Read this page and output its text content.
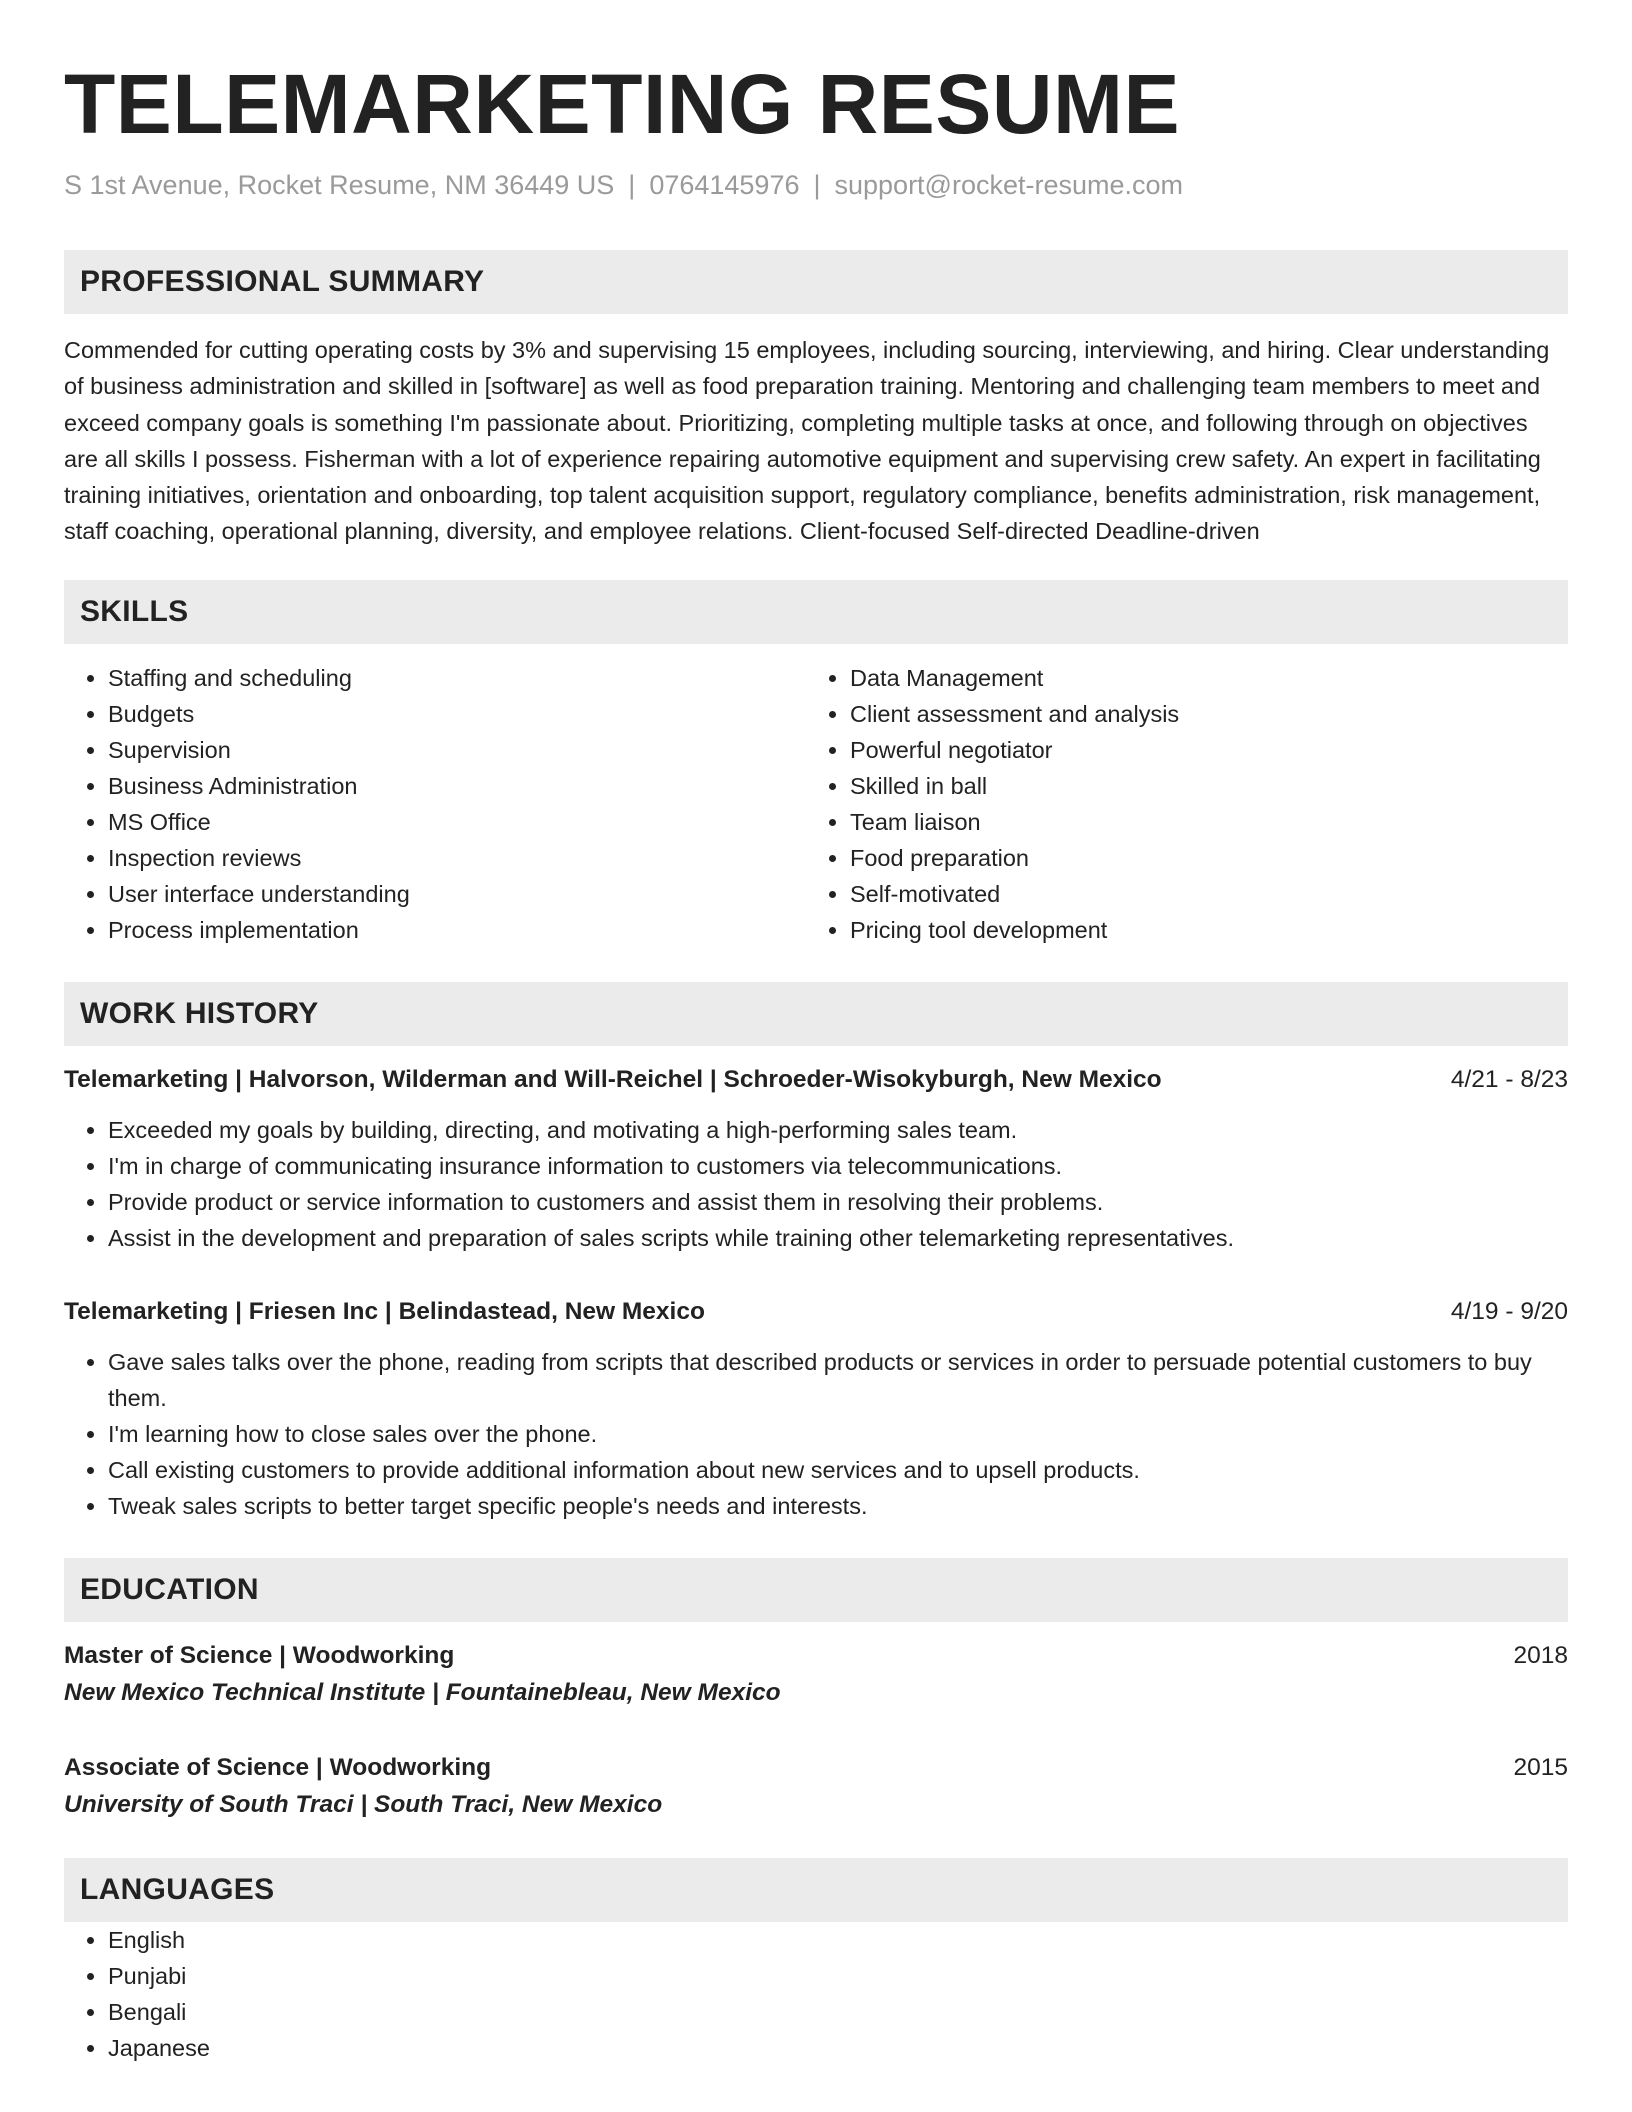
TELEMARKETING RESUME
S 1st Avenue, Rocket Resume, NM 36449 US | 0764145976 | support@rocket-resume.com
PROFESSIONAL SUMMARY

Commended for cutting operating costs by 3% and supervising 15 employees, including sourcing, interviewing, and hiring. Clear understanding of business administration and skilled in [software] as well as food preparation training. Mentoring and challenging team members to meet and exceed company goals is something I'm passionate about. Prioritizing, completing multiple tasks at once, and following through on objectives are all skills I possess. Fisherman with a lot of experience repairing automotive equipment and supervising crew safety. An expert in facilitating training initiatives, orientation and onboarding, top talent acquisition support, regulatory compliance, benefits administration, risk management, staff coaching, operational planning, diversity, and employee relations. Client-focused Self-directed Deadline-driven

SKILLS
• Staffing and scheduling
• Budgets
• Supervision
• Business Administration
• MS Office
• Inspection reviews
• User interface understanding
• Process implementation
• Data Management
• Client assessment and analysis
• Powerful negotiator
• Skilled in ball
• Team liaison
• Food preparation
• Self-motivated
• Pricing tool development
WORK HISTORY
Telemarketing | Halvorson, Wilderman and Will-Reichel | Schroeder-Wisokyburgh, New Mexico	4/21 - 8/23
• Exceeded my goals by building, directing, and motivating a high-performing sales team.
• I'm in charge of communicating insurance information to customers via telecommunications.
• Provide product or service information to customers and assist them in resolving their problems.
• Assist in the development and preparation of sales scripts while training other telemarketing representatives.
Telemarketing | Friesen Inc | Belindastead, New Mexico	4/19 - 9/20
• Gave sales talks over the phone, reading from scripts that described products or services in order to persuade potential customers to buy them.
• I'm learning how to close sales over the phone.
• Call existing customers to provide additional information about new services and to upsell products.
• Tweak sales scripts to better target specific people's needs and interests.
EDUCATION
Master of Science | Woodworking	2018
New Mexico Technical Institute | Fountainebleau, New Mexico
Associate of Science | Woodworking	2015
University of South Traci | South Traci, New Mexico
LANGUAGES
• English
• Punjabi
• Bengali
• Japanese
